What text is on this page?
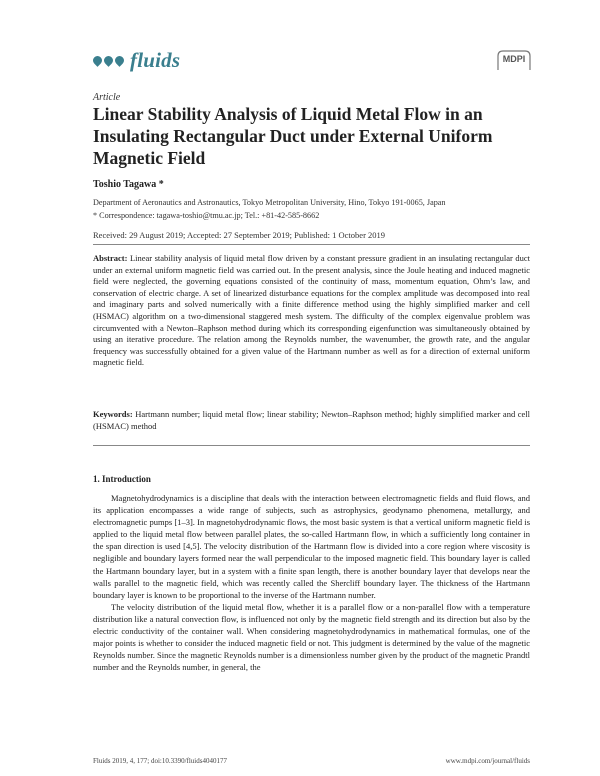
fluids	MDPI
Article
Linear Stability Analysis of Liquid Metal Flow in an Insulating Rectangular Duct under External Uniform Magnetic Field
Toshio Tagawa *
Department of Aeronautics and Astronautics, Tokyo Metropolitan University, Hino, Tokyo 191-0065, Japan
* Correspondence: tagawa-toshio@tmu.ac.jp; Tel.: +81-42-585-8662
Received: 29 August 2019; Accepted: 27 September 2019; Published: 1 October 2019
Abstract: Linear stability analysis of liquid metal flow driven by a constant pressure gradient in an insulating rectangular duct under an external uniform magnetic field was carried out. In the present analysis, since the Joule heating and induced magnetic field were neglected, the governing equations consisted of the continuity of mass, momentum equation, Ohm’s law, and conservation of electric charge. A set of linearized disturbance equations for the complex amplitude was decomposed into real and imaginary parts and solved numerically with a finite difference method using the highly simplified marker and cell (HSMAC) algorithm on a two-dimensional staggered mesh system. The difficulty of the complex eigenvalue problem was circumvented with a Newton–Raphson method during which its corresponding eigenfunction was simultaneously obtained by using an iterative procedure. The relation among the Reynolds number, the wavenumber, the growth rate, and the angular frequency was successfully obtained for a given value of the Hartmann number as well as for a direction of external uniform magnetic field.
Keywords: Hartmann number; liquid metal flow; linear stability; Newton–Raphson method; highly simplified marker and cell (HSMAC) method
1. Introduction

Magnetohydrodynamics is a discipline that deals with the interaction between electromagnetic fields and fluid flows, and its application encompasses a wide range of subjects, such as astrophysics, geodynamo phenomena, metallurgy, and electromagnetic pumps [1–3]. In magnetohydrodynamic flows, the most basic system is that a vertical uniform magnetic field is applied to the liquid metal flow between parallel plates, the so-called Hartmann flow, in which a sufficiently long container in the span direction is used [4,5]. The velocity distribution of the Hartmann flow is divided into a core region where viscosity is negligible and boundary layers formed near the wall perpendicular to the imposed magnetic field. This boundary layer is called the Hartmann boundary layer, but in a system with a finite span length, there is another boundary layer that develops near the walls parallel to the magnetic field, which was recently called the Shercliff boundary layer. The thickness of the Hartmann boundary layer is known to be proportional to the inverse of the Hartmann number.

The velocity distribution of the liquid metal flow, whether it is a parallel flow or a non-parallel flow with a temperature distribution like a natural convection flow, is influenced not only by the magnetic field strength and its direction but also by the electric conductivity of the container wall. When considering magnetohydrodynamics in mathematical formulas, one of the major points is whether to consider the induced magnetic field or not. This judgment is determined by the value of the magnetic Reynolds number. Since the magnetic Reynolds number is a dimensionless number given by the product of the magnetic Prandtl number and the Reynolds number, in general, the

Fluids 2019, 4, 177; doi:10.3390/fluids4040177	www.mdpi.com/journal/fluids
